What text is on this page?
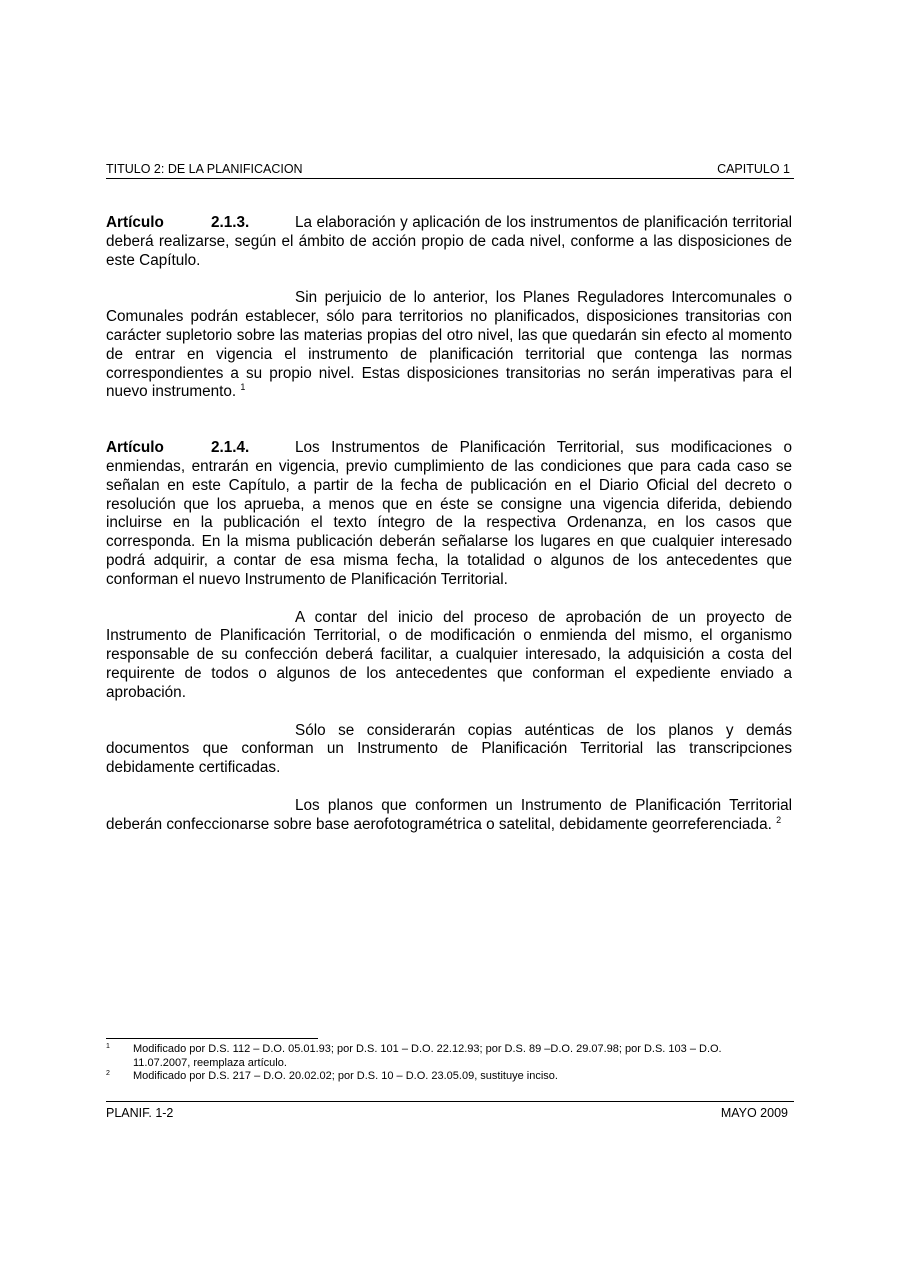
TITULO 2: DE LA PLANIFICACION	CAPITULO 1

Artículo	2.1.3.	La elaboración y aplicación de los instrumentos de planificación territorial deberá realizarse, según el ámbito de acción propio de cada nivel, conforme a las disposiciones de este Capítulo.

Sin perjuicio de lo anterior, los Planes Reguladores Intercomunales o Comunales podrán establecer, sólo para territorios no planificados, disposiciones transitorias con carácter supletorio sobre las materias propias del otro nivel, las que quedarán sin efecto al momento de entrar en vigencia el instrumento de planificación territorial que contenga las normas correspondientes a su propio nivel. Estas disposiciones transitorias no serán imperativas para el nuevo instrumento. $^1$

Artículo	2.1.4.	Los Instrumentos de Planificación Territorial, sus modificaciones o enmiendas, entrarán en vigencia, previo cumplimiento de las condiciones que para cada caso se señalan en este Capítulo, a partir de la fecha de publicación en el Diario Oficial del decreto o resolución que los aprueba, a menos que en éste se consigne una vigencia diferida, debiendo incluirse en la publicación el texto íntegro de la respectiva Ordenanza, en los casos que corresponda. En la misma publicación deberán señalarse los lugares en que cualquier interesado podrá adquirir, a contar de esa misma fecha, la totalidad o algunos de los antecedentes que conforman el nuevo Instrumento de Planificación Territorial.

A contar del inicio del proceso de aprobación de un proyecto de Instrumento de Planificación Territorial, o de modificación o enmienda del mismo, el organismo responsable de su confección deberá facilitar, a cualquier interesado, la adquisición a costa del requirente de todos o algunos de los antecedentes que conforman el expediente enviado a aprobación.

Sólo se considerarán copias auténticas de los planos y demás documentos que conforman un Instrumento de Planificación Territorial las transcripciones debidamente certificadas.

Los planos que conformen un Instrumento de Planificación Territorial deberán confeccionarse sobre base aerofotogramétrica o satelital, debidamente georreferenciada. $^2$

1 Modificado por D.S. 112 – D.O. 05.01.93; por D.S. 101 – D.O. 22.12.93; por D.S. 89 –D.O. 29.07.98; por D.S. 103 – D.O. 11.07.2007, reemplaza artículo.

2 Modificado por D.S. 217 – D.O. 20.02.02; por D.S. 10 – D.O. 23.05.09, sustituye inciso.

PLANIF. 1-2	MAYO 2009
